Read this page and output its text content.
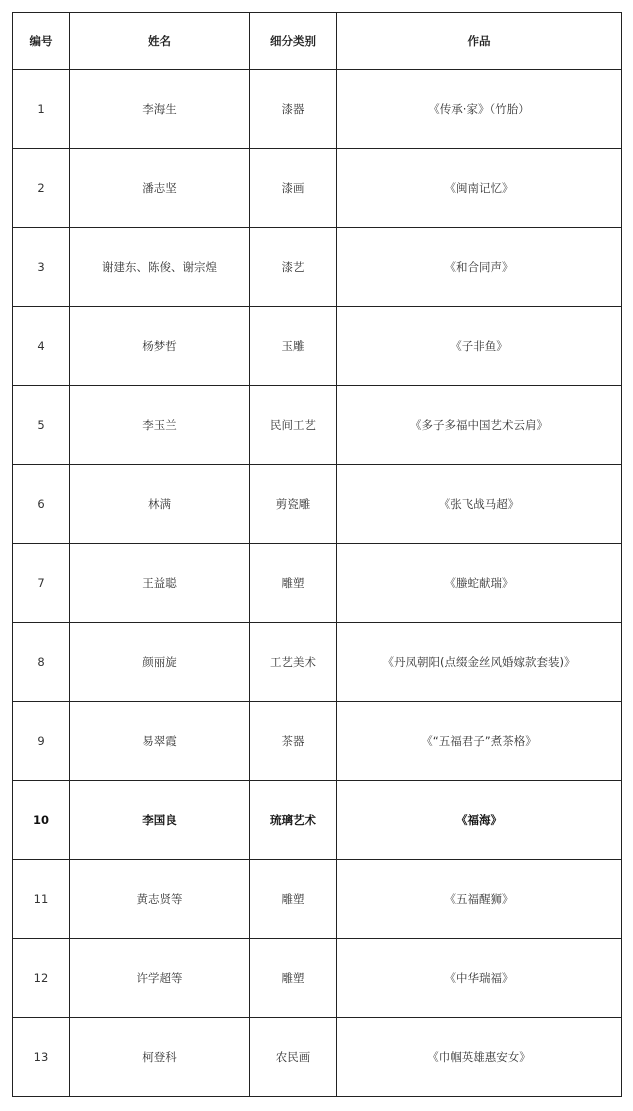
编号	姓名	细分类别	作品
1	李海生	漆器	《传承·家》（竹胎）
2	潘志坚	漆画	《闽南记忆》
3	谢建东、陈俊、谢宗煌	漆艺	《和合同声》
4	杨梦哲	玉雕	《子非鱼》
5	李玉兰	民间工艺	《多子多福中国艺术云肩》
6	林满	剪瓷雕	《张飞战马超》
7	王益聪	雕塑	《螣蛇献瑞》
8	颜丽旋	工艺美术	《丹凤朝阳(点缀金丝风婚嫁款套装)》
9	易翠霞	茶器	《“五福君子”煮茶格》
10	李国良	琉璃艺术	《福海》
11	黄志贤等	雕塑	《五福醒狮》
12	许学超等	雕塑	《中华瑞福》
13	柯登科	农民画	《巾帼英雄惠安女》
